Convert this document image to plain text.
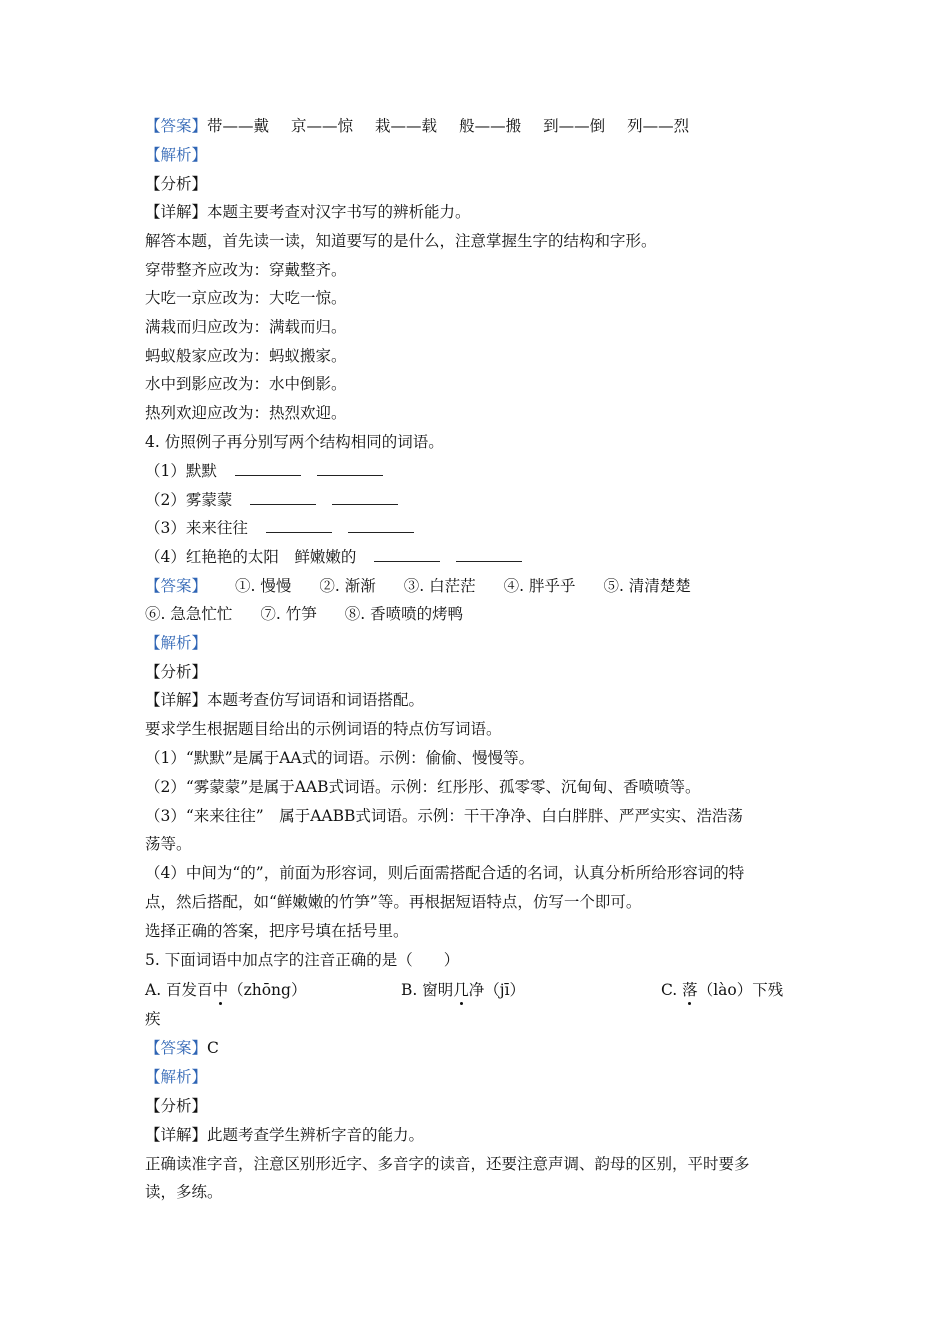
【答案】带——戴 京——惊 栽——载 般——搬 到——倒 列——烈
【解析】
【分析】
【详解】本题主要考查对汉字书写的辨析能力。
解答本题，首先读一读，知道要写的是什么，注意掌握生字的结构和字形。
穿带整齐应改为：穿戴整齐。
大吃一京应改为：大吃一惊。
满栽而归应改为：满载而归。
蚂蚁般家应改为：蚂蚁搬家。
水中到影应改为：水中倒影。
热列欢迎应改为：热烈欢迎。
4. 仿照例子再分别写两个结构相同的词语。
（1）默默
（2）雾蒙蒙
（3）来来往往
（4）红艳艳的太阳　鲜嫩嫩的
【答案】 ①. 慢慢 ②. 渐渐 ③. 白茫茫 ④. 胖乎乎 ⑤. 清清楚楚
⑥. 急急忙忙 ⑦. 竹笋 ⑧. 香喷喷的烤鸭
【解析】
【分析】
【详解】本题考查仿写词语和词语搭配。
要求学生根据题目给出的示例词语的特点仿写词语。
（1）“默默”是属于AA式的词语。示例：偷偷、慢慢等。
（2）“雾蒙蒙”是属于AAB式词语。示例：红彤彤、孤零零、沉甸甸、香喷喷等。
（3）“来来往往”　属于AABB式词语。示例：干干净净、白白胖胖、严严实实、浩浩荡
荡等。
（4）中间为“的”，前面为形容词，则后面需搭配合适的名词，认真分析所给形容词的特
点，然后搭配，如“鲜嫩嫩的竹笋”等。再根据短语特点，仿写一个即可。
选择正确的答案，把序号填在括号里。
5. 下面词语中加点字的注音正确的是（　　）
A. 百发百中（zhōng）	B. 窗明几净（jī）	C. 落（lào）下残
疾
【答案】C
【解析】
【分析】
【详解】此题考查学生辨析字音的能力。
正确读准字音，注意区别形近字、多音字的读音，还要注意声调、韵母的区别，平时要多
读，多练。
